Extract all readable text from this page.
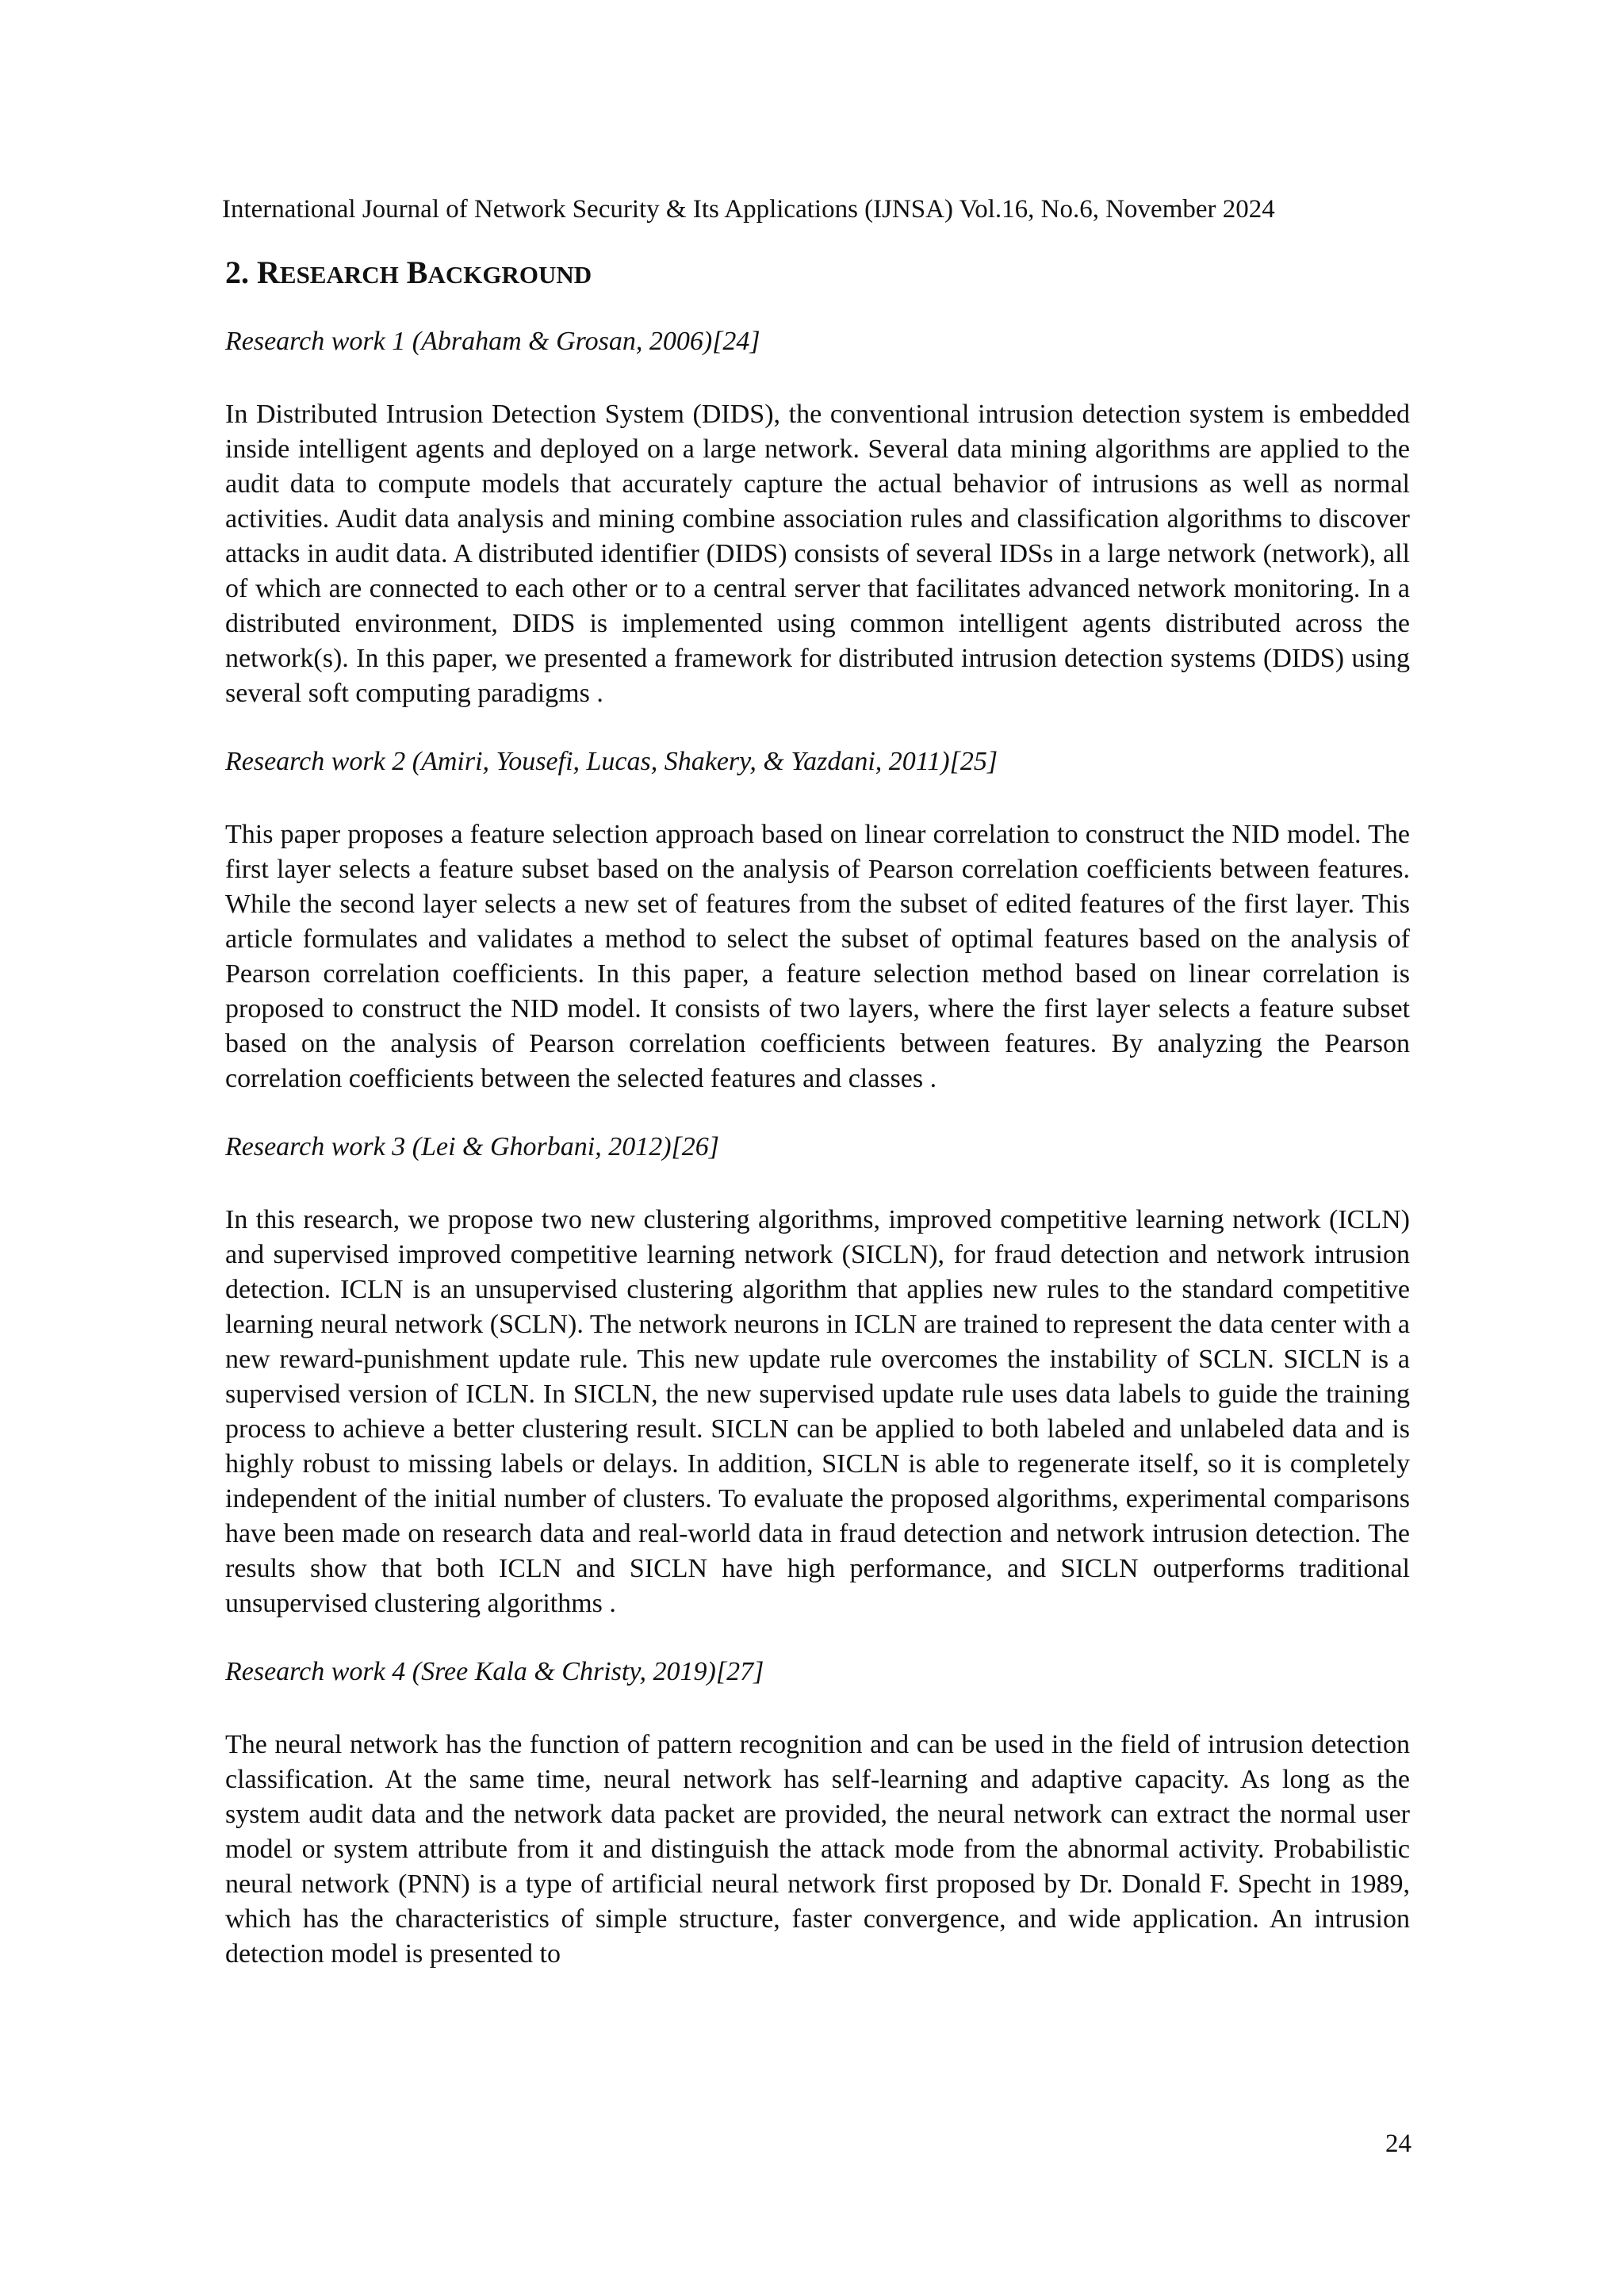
International Journal of Network Security & Its Applications (IJNSA) Vol.16, No.6, November 2024
2. RESEARCH BACKGROUND
Research work 1 (Abraham & Grosan, 2006)[24]

In Distributed Intrusion Detection System (DIDS), the conventional intrusion detection system is embedded inside intelligent agents and deployed on a large network. Several data mining algorithms are applied to the audit data to compute models that accurately capture the actual behavior of intrusions as well as normal activities. Audit data analysis and mining combine association rules and classification algorithms to discover attacks in audit data. A distributed identifier (DIDS) consists of several IDSs in a large network (network), all of which are connected to each other or to a central server that facilitates advanced network monitoring. In a distributed environment, DIDS is implemented using common intelligent agents distributed across the network(s). In this paper, we presented a framework for distributed intrusion detection systems (DIDS) using several soft computing paradigms .

Research work 2 (Amiri, Yousefi, Lucas, Shakery, & Yazdani, 2011)[25]

This paper proposes a feature selection approach based on linear correlation to construct the NID model. The first layer selects a feature subset based on the analysis of Pearson correlation coefficients between features. While the second layer selects a new set of features from the subset of edited features of the first layer. This article formulates and validates a method to select the subset of optimal features based on the analysis of Pearson correlation coefficients. In this paper, a feature selection method based on linear correlation is proposed to construct the NID model. It consists of two layers, where the first layer selects a feature subset based on the analysis of Pearson correlation coefficients between features. By analyzing the Pearson correlation coefficients between the selected features and classes .

Research work 3 (Lei & Ghorbani, 2012)[26]

In this research, we propose two new clustering algorithms, improved competitive learning network (ICLN) and supervised improved competitive learning network (SICLN), for fraud detection and network intrusion detection. ICLN is an unsupervised clustering algorithm that applies new rules to the standard competitive learning neural network (SCLN). The network neurons in ICLN are trained to represent the data center with a new reward-punishment update rule. This new update rule overcomes the instability of SCLN. SICLN is a supervised version of ICLN. In SICLN, the new supervised update rule uses data labels to guide the training process to achieve a better clustering result. SICLN can be applied to both labeled and unlabeled data and is highly robust to missing labels or delays. In addition, SICLN is able to regenerate itself, so it is completely independent of the initial number of clusters. To evaluate the proposed algorithms, experimental comparisons have been made on research data and real-world data in fraud detection and network intrusion detection. The results show that both ICLN and SICLN have high performance, and SICLN outperforms traditional unsupervised clustering algorithms .

Research work 4 (Sree Kala & Christy, 2019)[27]

The neural network has the function of pattern recognition and can be used in the field of intrusion detection classification. At the same time, neural network has self-learning and adaptive capacity. As long as the system audit data and the network data packet are provided, the neural network can extract the normal user model or system attribute from it and distinguish the attack mode from the abnormal activity. Probabilistic neural network (PNN) is a type of artificial neural network first proposed by Dr. Donald F. Specht in 1989, which has the characteristics of simple structure, faster convergence, and wide application. An intrusion detection model is presented to

24
